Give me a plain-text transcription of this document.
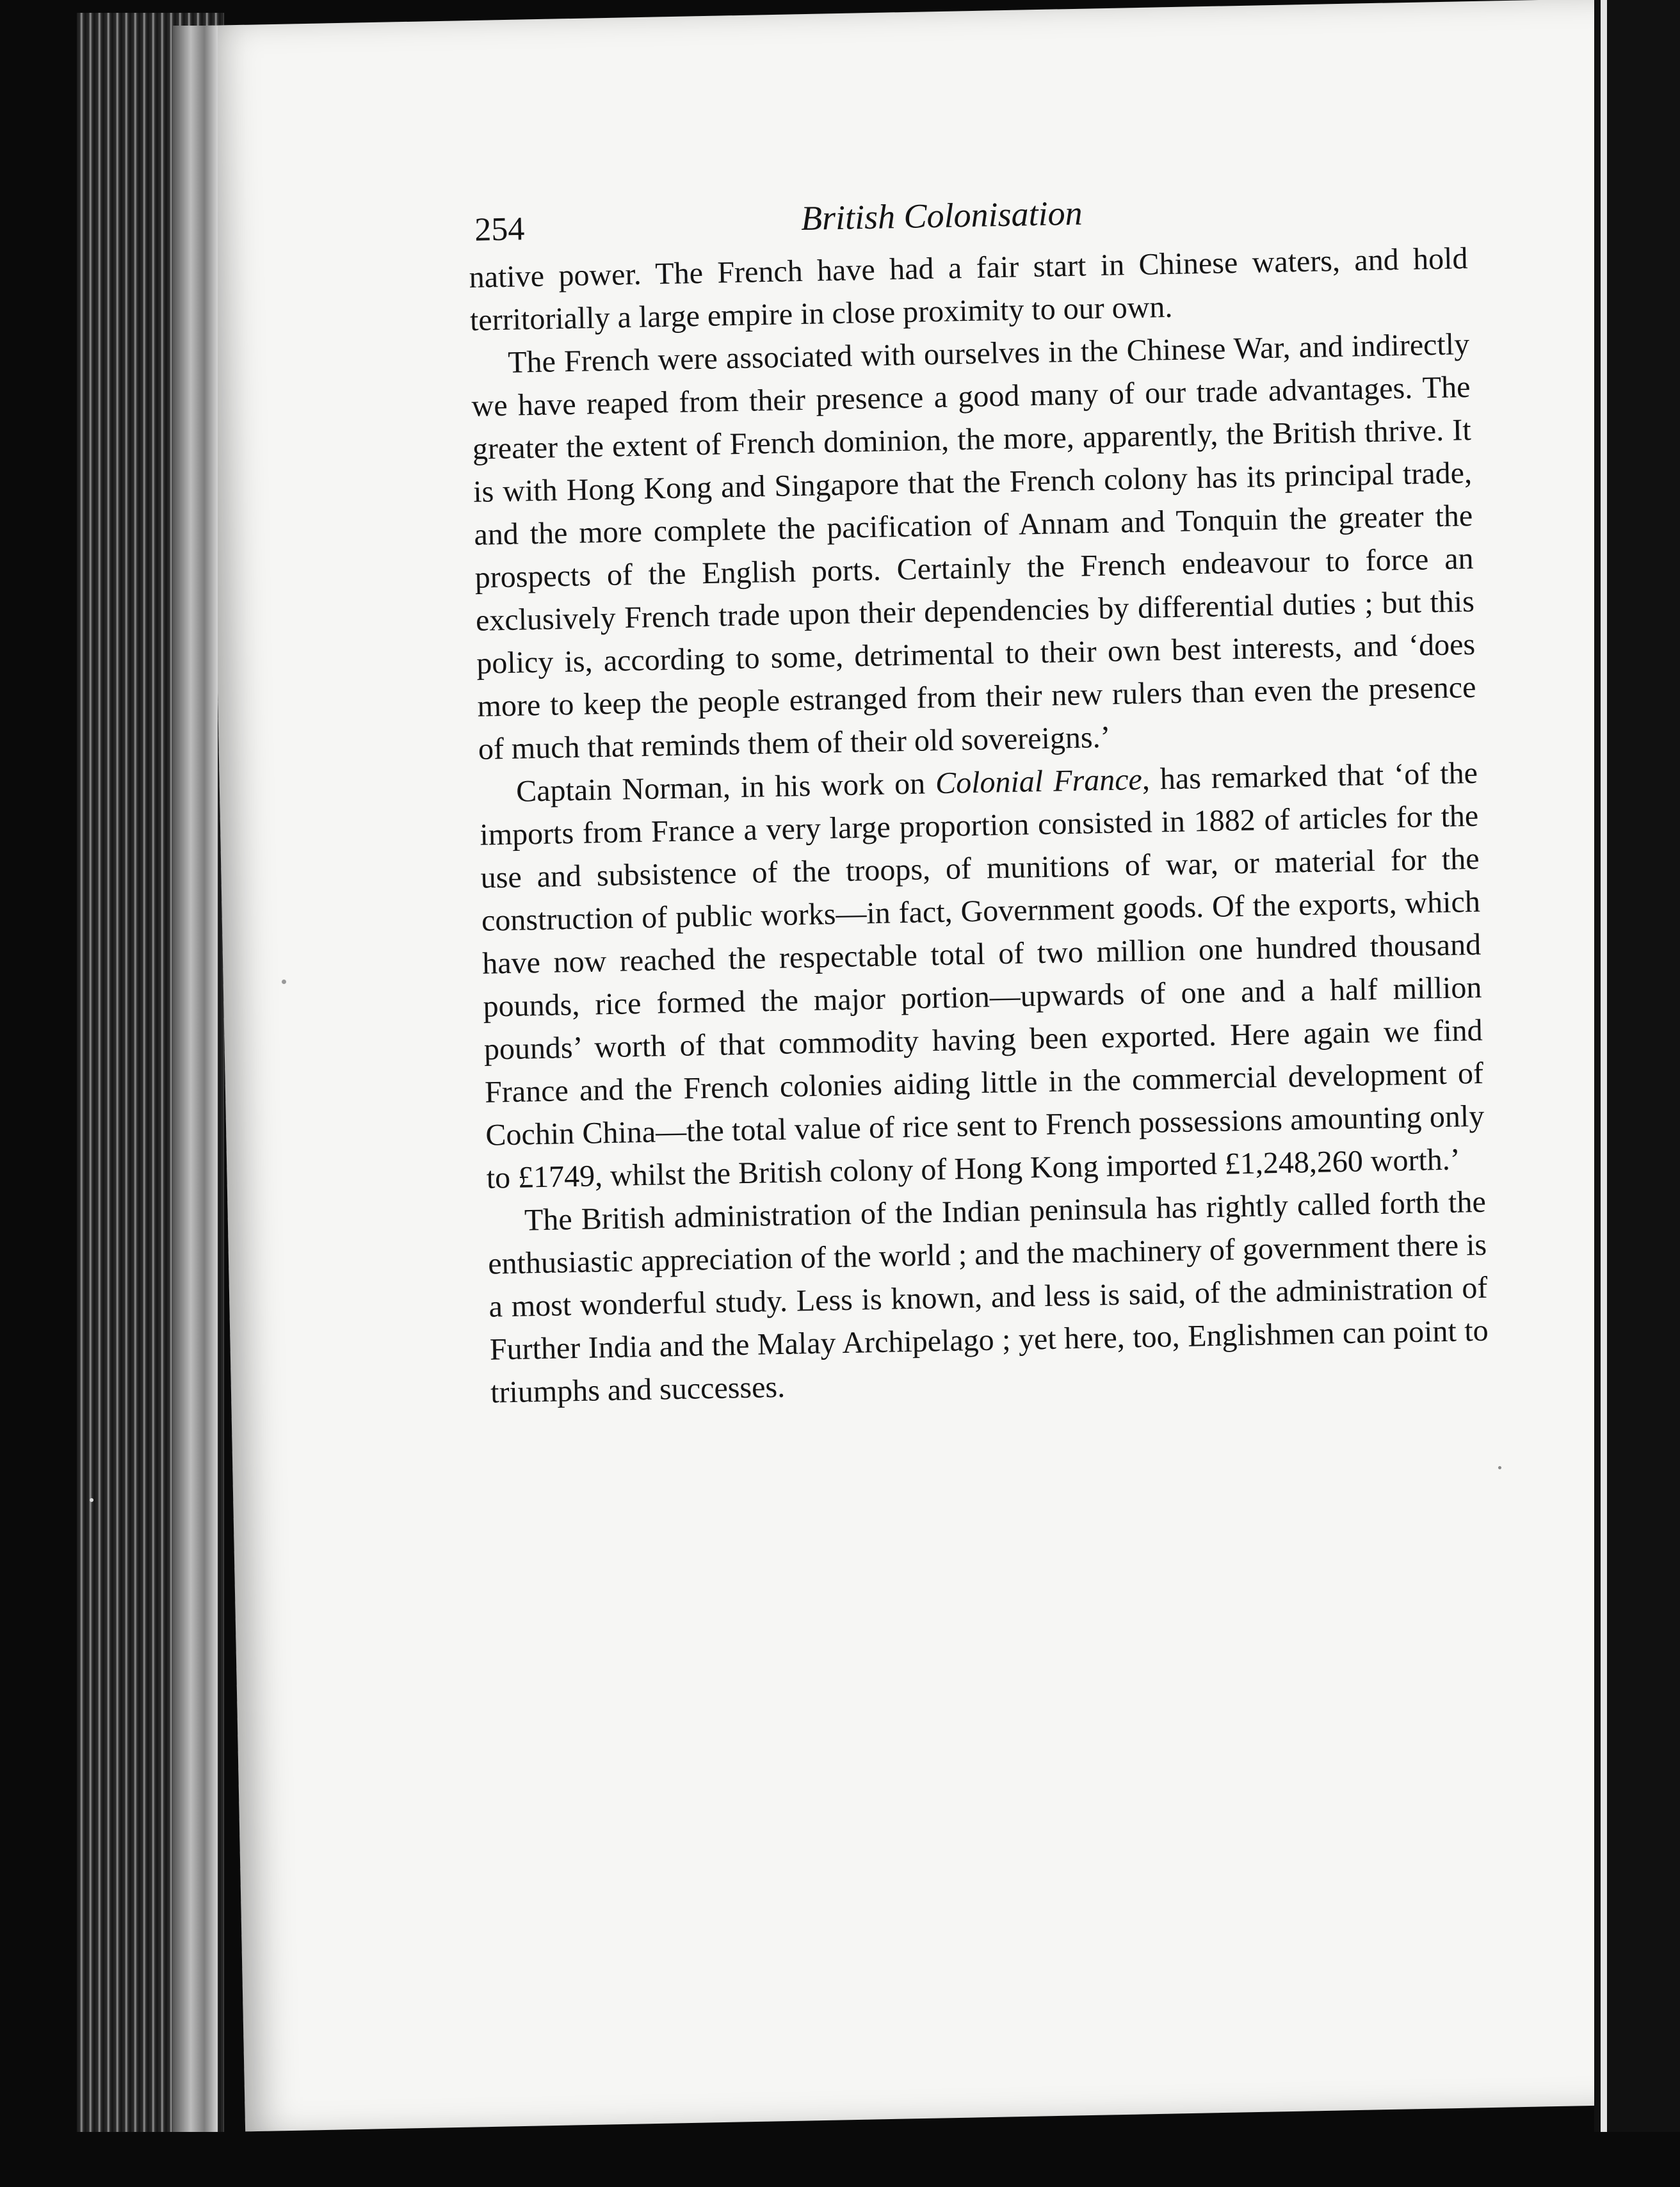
254	British Colonisation

native power. The French have had a fair start in Chinese waters, and hold territorially a large empire in close proximity to our own.

The French were associated with ourselves in the Chinese War, and indirectly we have reaped from their presence a good many of our trade advantages. The greater the extent of French dominion, the more, apparently, the British thrive. It is with Hong Kong and Singapore that the French colony has its principal trade, and the more complete the pacification of Annam and Tonquin the greater the prospects of the English ports. Certainly the French endeavour to force an exclusively French trade upon their dependencies by differential duties ; but this policy is, according to some, detrimental to their own best interests, and ‘does more to keep the people estranged from their new rulers than even the presence of much that reminds them of their old sovereigns.’

Captain Norman, in his work on Colonial France, has remarked that ‘of the imports from France a very large proportion consisted in 1882 of articles for the use and subsistence of the troops, of munitions of war, or material for the construction of public works—in fact, Government goods. Of the exports, which have now reached the respectable total of two million one hundred thousand pounds, rice formed the major portion—upwards of one and a half million pounds’ worth of that commodity having been exported. Here again we find France and the French colonies aiding little in the commercial development of Cochin China—the total value of rice sent to French possessions amounting only to £1749, whilst the British colony of Hong Kong imported £1,248,260 worth.’

The British administration of the Indian peninsula has rightly called forth the enthusiastic appreciation of the world ; and the machinery of government there is a most wonderful study. Less is known, and less is said, of the administration of Further India and the Malay Archipelago ; yet here, too, Englishmen can point to triumphs and successes.
